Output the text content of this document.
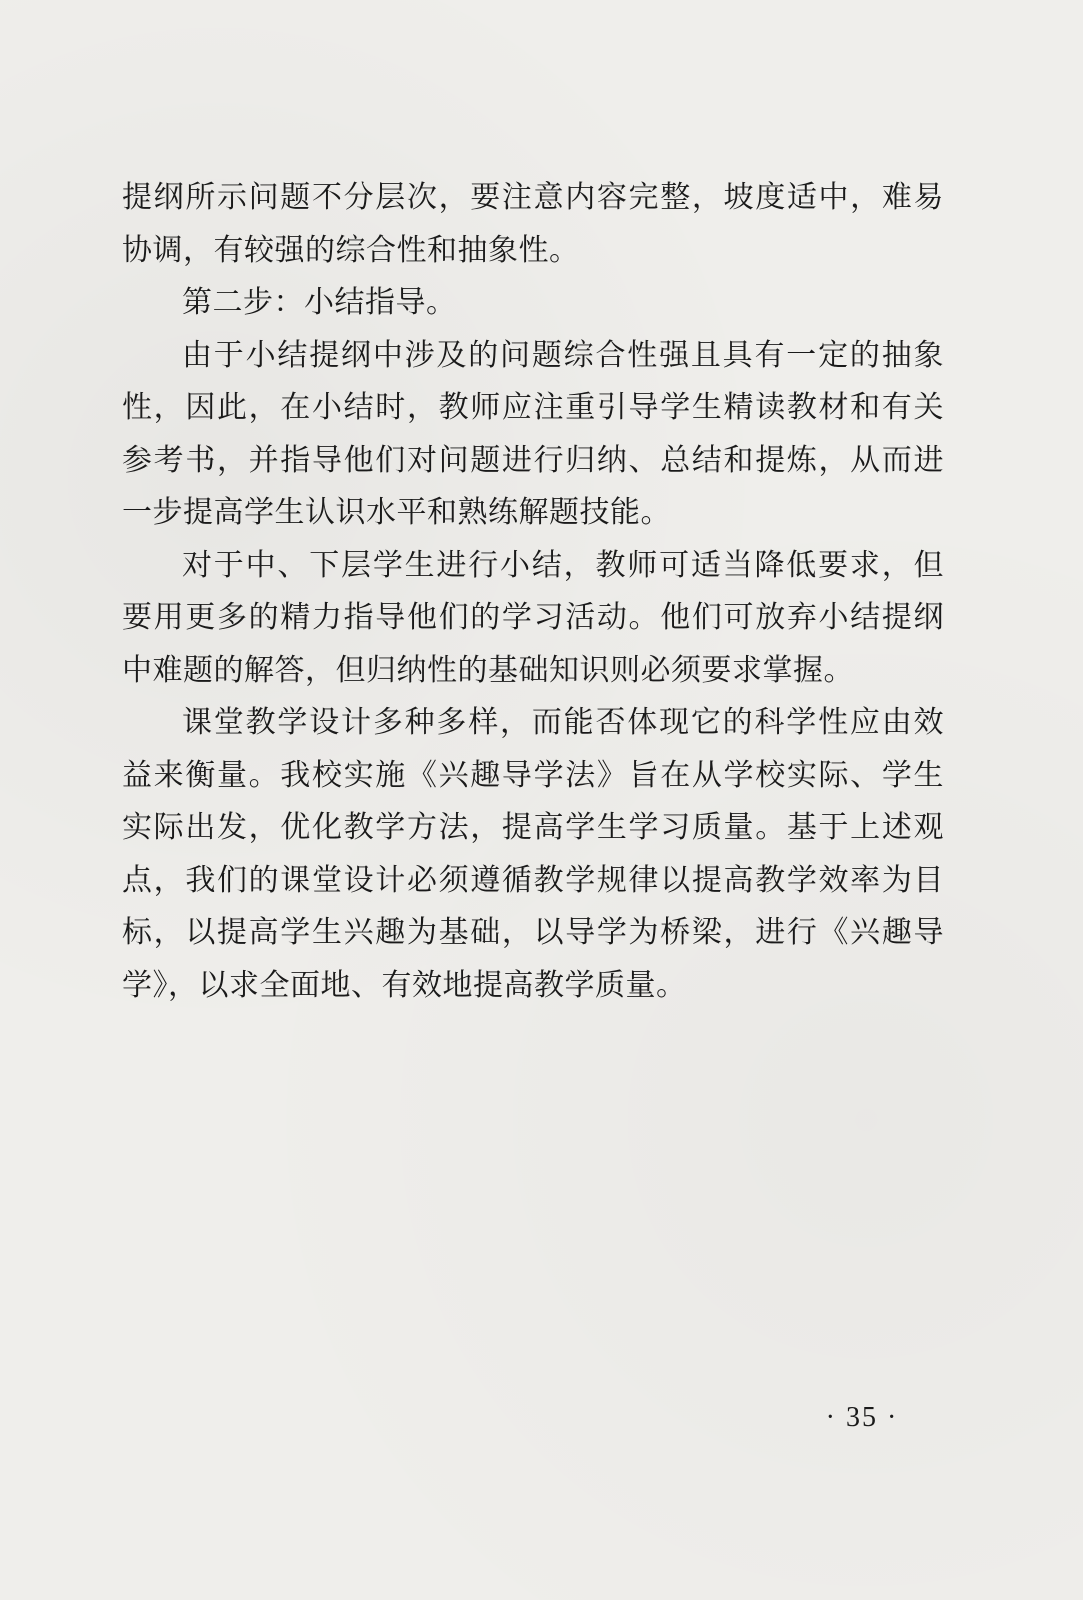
提纲所示问题不分层次，要注意内容完整，坡度适中，难易协调，有较强的综合性和抽象性。

第二步：小结指导。

由于小结提纲中涉及的问题综合性强且具有一定的抽象性，因此，在小结时，教师应注重引导学生精读教材和有关参考书，并指导他们对问题进行归纳、总结和提炼，从而进一步提高学生认识水平和熟练解题技能。

对于中、下层学生进行小结，教师可适当降低要求，但要用更多的精力指导他们的学习活动。他们可放弃小结提纲中难题的解答，但归纳性的基础知识则必须要求掌握。

课堂教学设计多种多样，而能否体现它的科学性应由效益来衡量。我校实施《兴趣导学法》旨在从学校实际、学生实际出发，优化教学方法，提高学生学习质量。基于上述观点，我们的课堂设计必须遵循教学规律以提高教学效率为目标，以提高学生兴趣为基础，以导学为桥梁，进行《兴趣导学》，以求全面地、有效地提高教学质量。

· 35 ·
